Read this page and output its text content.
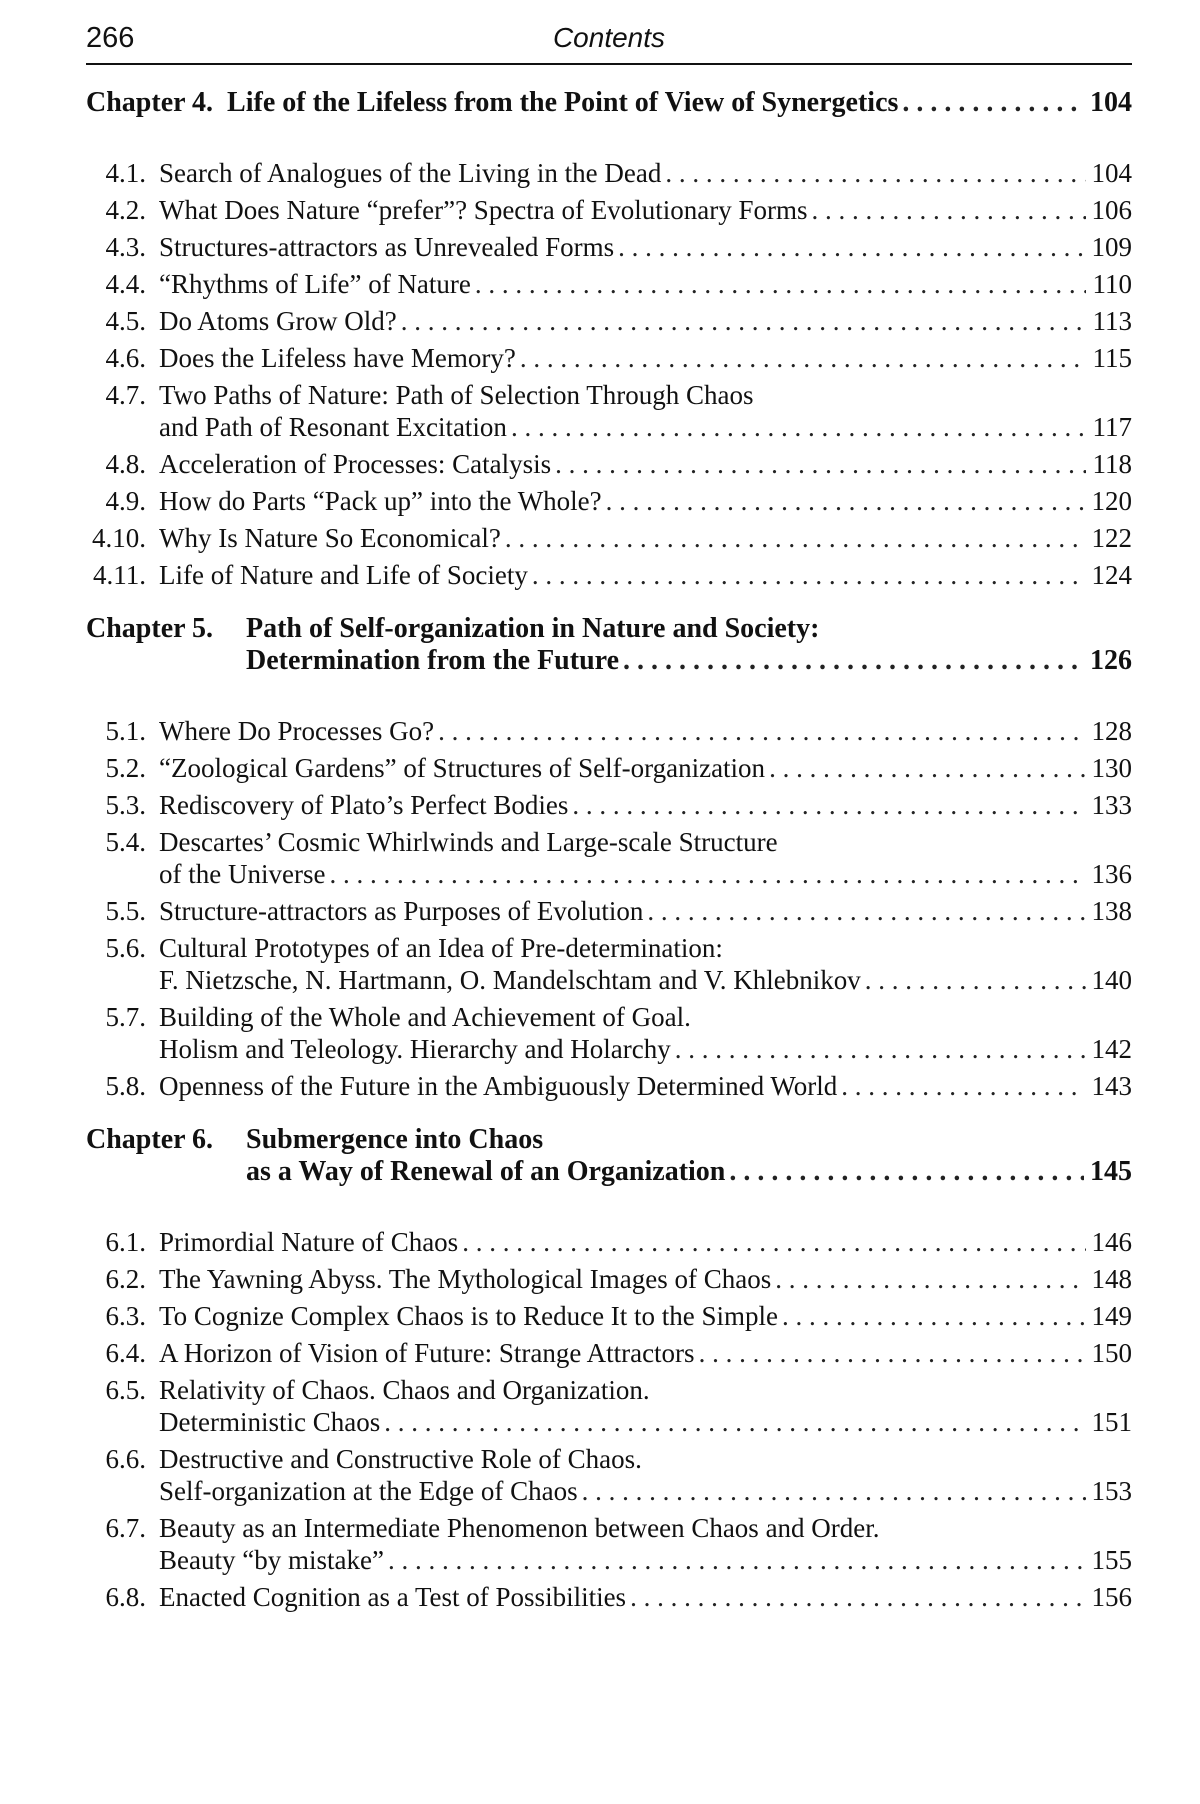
266	Contents
Chapter 4. Life of the Lifeless from the Point of View of Synergetics . . .	104
4.1. Search of Analogues of the Living in the Dead . . .	104
4.2. What Does Nature “prefer”? Spectra of Evolutionary Forms . . .	106
4.3. Structures-attractors as Unrevealed Forms . . .	109
4.4. “Rhythms of Life” of Nature . . .	110
4.5. Do Atoms Grow Old? . . .	113
4.6. Does the Lifeless have Memory? . . .	115
4.7. Two Paths of Nature: Path of Selection Through Chaos
and Path of Resonant Excitation . . .	117
4.8. Acceleration of Processes: Catalysis . . .	118
4.9. How do Parts “Pack up” into the Whole? . . .	120
4.10. Why Is Nature So Economical? . . .	122
4.11. Life of Nature and Life of Society . . .	124
Chapter 5. Path of Self-organization in Nature and Society:
Determination from the Future . . .	126
5.1. Where Do Processes Go? . . .	128
5.2. “Zoological Gardens” of Structures of Self-organization . . .	130
5.3. Rediscovery of Plato’s Perfect Bodies . . .	133
5.4. Descartes’ Cosmic Whirlwinds and Large-scale Structure
of the Universe . . .	136
5.5. Structure-attractors as Purposes of Evolution . . .	138
5.6. Cultural Prototypes of an Idea of Pre-determination:
F. Nietzsche, N. Hartmann, O. Mandelschtam and V. Khlebnikov . . .	140
5.7. Building of the Whole and Achievement of Goal.
Holism and Teleology. Hierarchy and Holarchy . . .	142
5.8. Openness of the Future in the Ambiguously Determined World . . .	143
Chapter 6. Submergence into Chaos
as a Way of Renewal of an Organization . . .	145
6.1. Primordial Nature of Chaos . . .	146
6.2. The Yawning Abyss. The Mythological Images of Chaos . . .	148
6.3. To Cognize Complex Chaos is to Reduce It to the Simple . . .	149
6.4. A Horizon of Vision of Future: Strange Attractors . . .	150
6.5. Relativity of Chaos. Chaos and Organization.
Deterministic Chaos . . .	151
6.6. Destructive and Constructive Role of Chaos.
Self-organization at the Edge of Chaos . . .	153
6.7. Beauty as an Intermediate Phenomenon between Chaos and Order.
Beauty “by mistake” . . .	155
6.8. Enacted Cognition as a Test of Possibilities . . .	156
